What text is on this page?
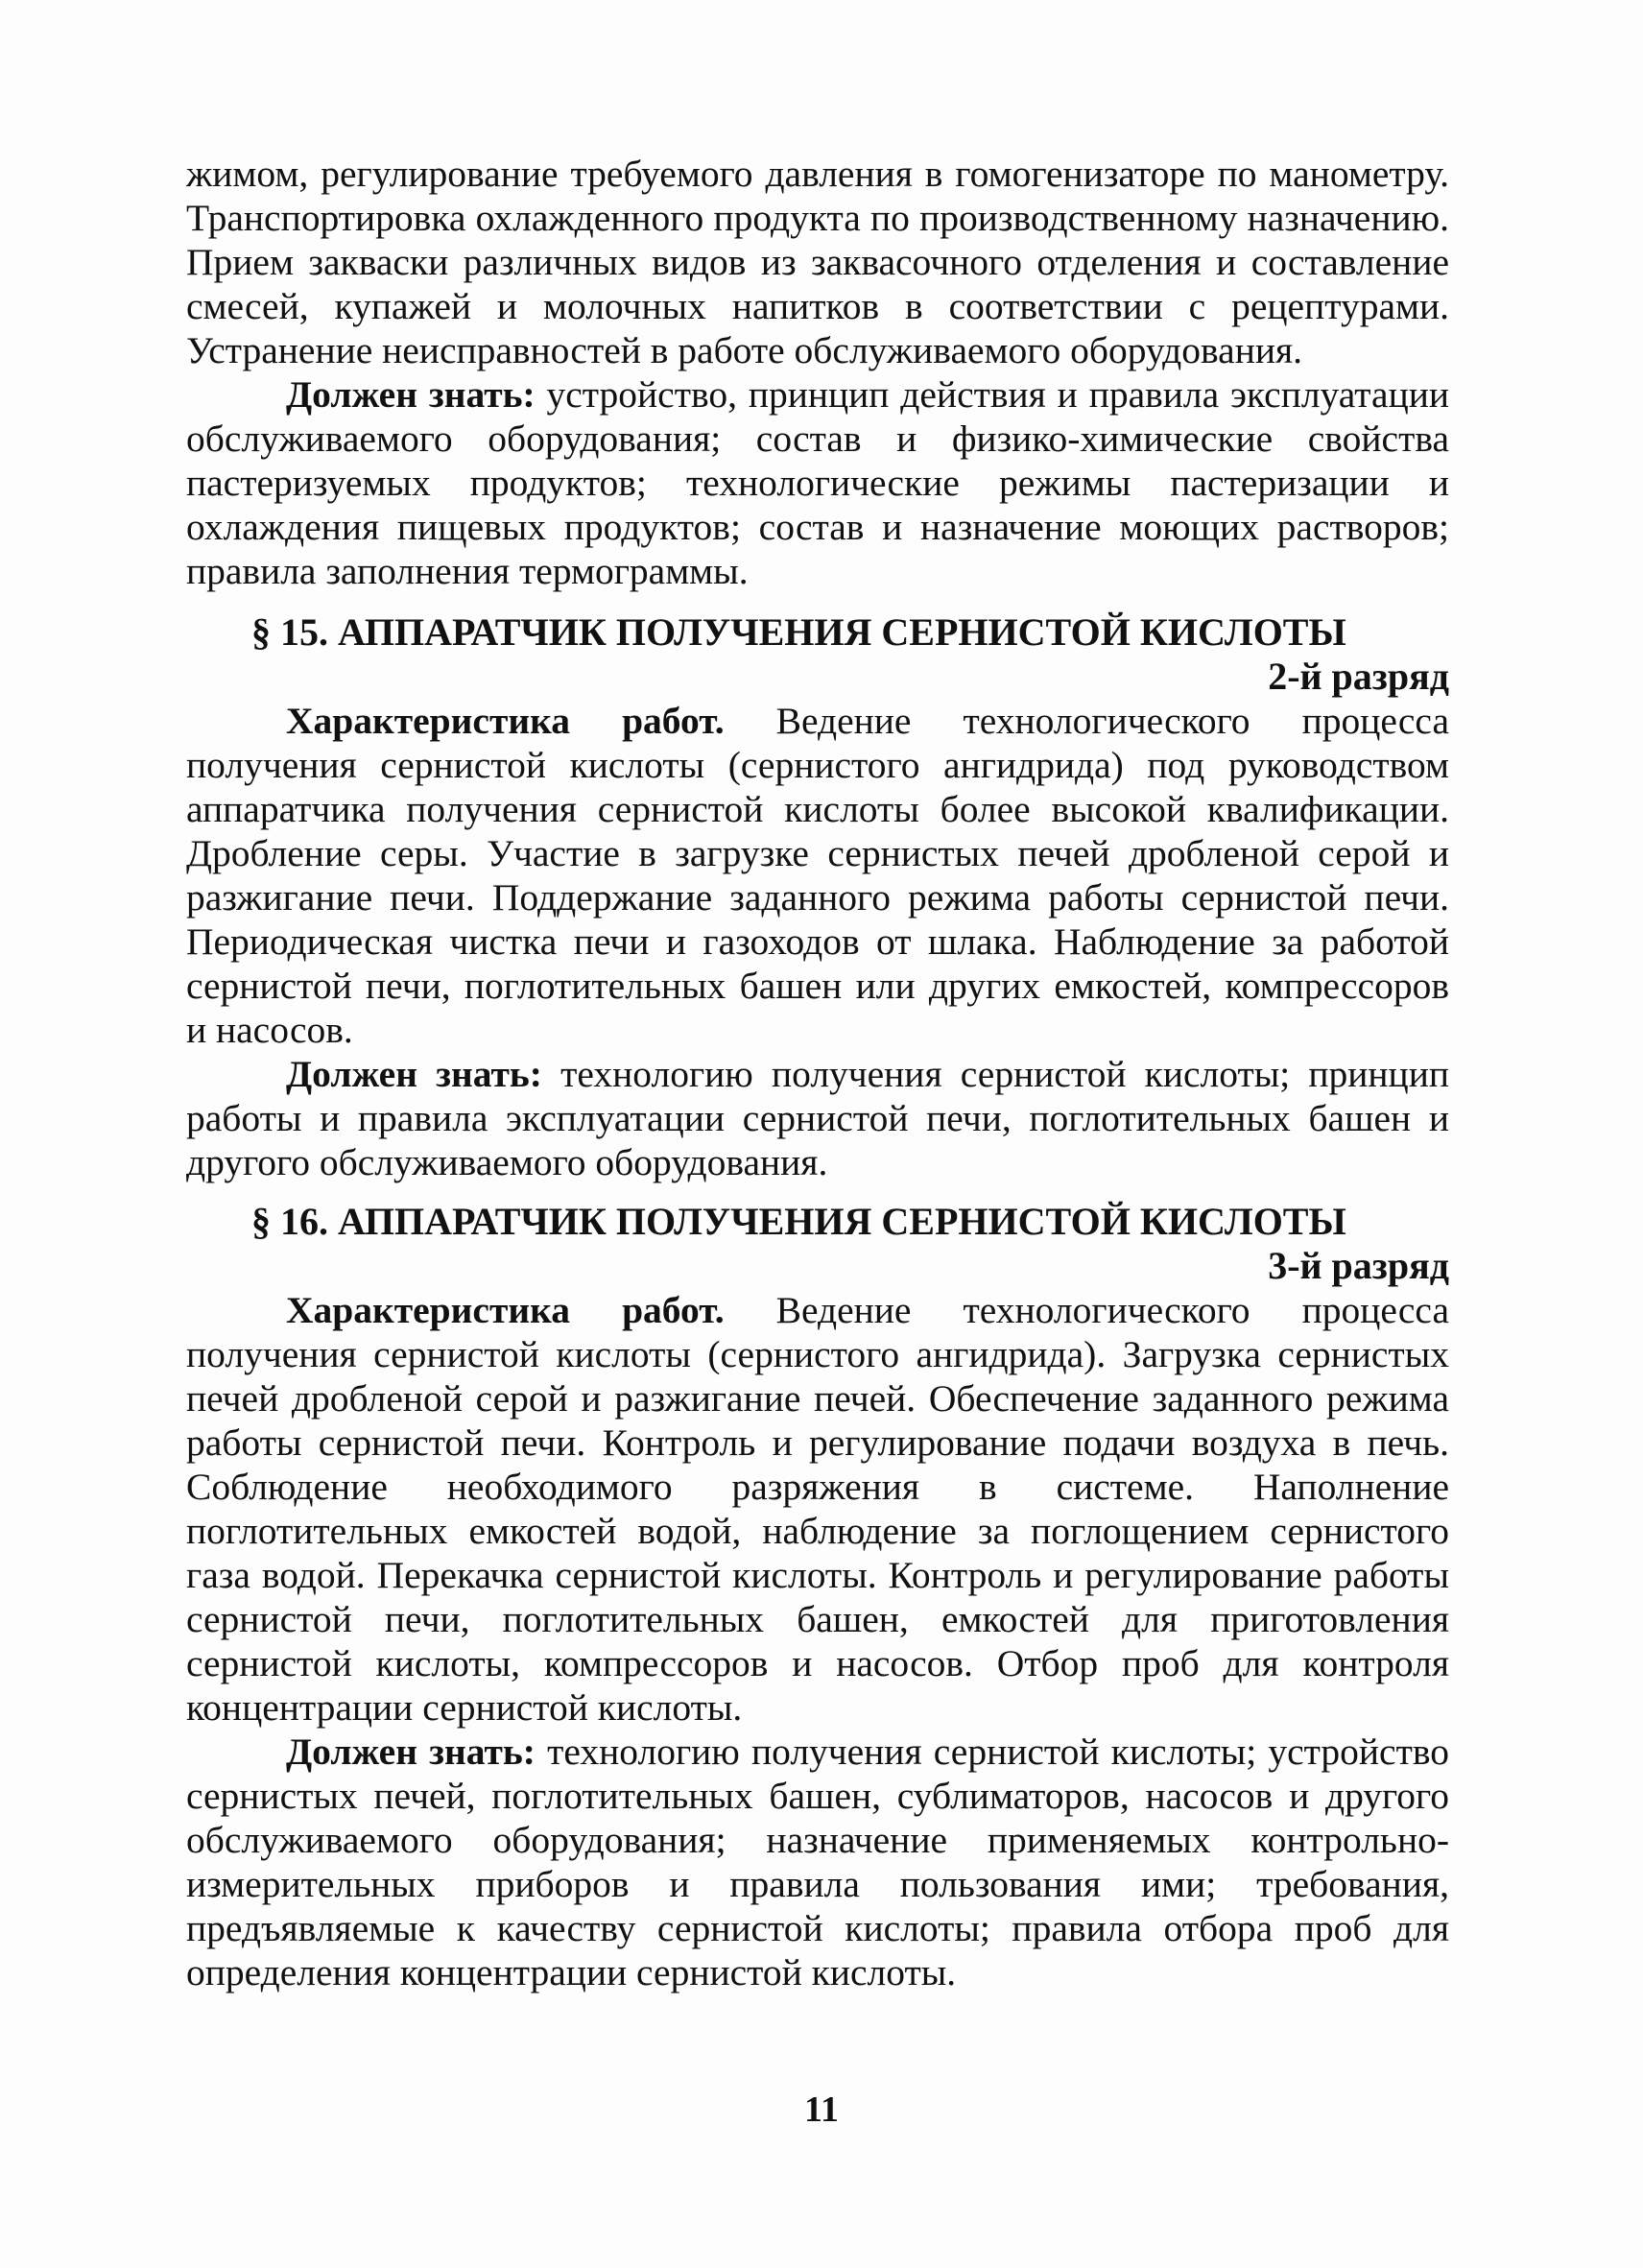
жимом, регулирование требуемого давления в гомогенизаторе по манометру. Транспортировка охлажденного продукта по производственному назначению. Прием закваски различных видов из заквасочного отделения и составление смесей, купажей и молочных напитков в соответствии с рецептурами. Устранение неисправностей в работе обслуживаемого оборудования.

Должен знать: устройство, принцип действия и правила эксплуатации обслуживаемого оборудования; состав и физико-химические свойства пастеризуемых продуктов; технологические режимы пастеризации и охлаждения пищевых продуктов; состав и назначение моющих растворов; правила заполнения термограммы.

§ 15. АППАРАТЧИК ПОЛУЧЕНИЯ СЕРНИСТОЙ КИСЛОТЫ
2-й разряд

Характеристика работ. Ведение технологического процесса получения сернистой кислоты (сернистого ангидрида) под руководством аппаратчика получения сернистой кислоты более высокой квалификации. Дробление серы. Участие в загрузке сернистых печей дробленой серой и разжигание печи. Поддержание заданного режима работы сернистой печи. Периодическая чистка печи и газоходов от шлака. Наблюдение за работой сернистой печи, поглотительных башен или других емкостей, компрессоров и насосов.

Должен знать: технологию получения сернистой кислоты; принцип работы и правила эксплуатации сернистой печи, поглотительных башен и другого обслуживаемого оборудования.

§ 16. АППАРАТЧИК ПОЛУЧЕНИЯ СЕРНИСТОЙ КИСЛОТЫ
3-й разряд

Характеристика работ. Ведение технологического процесса получения сернистой кислоты (сернистого ангидрида). Загрузка сернистых печей дробленой серой и разжигание печей. Обеспечение заданного режима работы сернистой печи. Контроль и регулирование подачи воздуха в печь. Соблюдение необходимого разряжения в системе. Наполнение поглотительных емкостей водой, наблюдение за поглощением сернистого газа водой. Перекачка сернистой кислоты. Контроль и регулирование работы сернистой печи, поглотительных башен, емкостей для приготовления сернистой кислоты, компрессоров и насосов. Отбор проб для контроля концентрации сернистой кислоты.

Должен знать: технологию получения сернистой кислоты; устройство сернистых печей, поглотительных башен, сублиматоров, насосов и другого обслуживаемого оборудования; назначение применяемых контрольно-измерительных приборов и правила пользования ими; требования, предъявляемые к качеству сернистой кислоты; правила отбора проб для определения концентрации сернистой кислоты.

11
